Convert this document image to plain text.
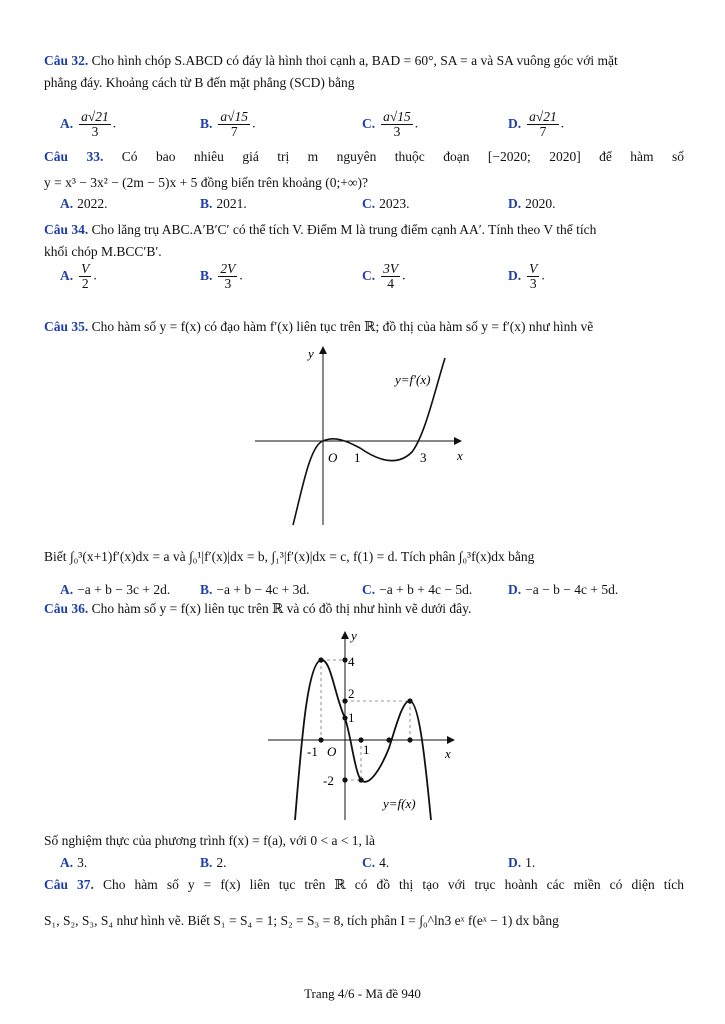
Câu 32. Cho hình chóp S.ABCD có đáy là hình thoi cạnh a, BAD = 60°, SA = a và SA vuông góc với mặt
phẳng đáy. Khoảng cách từ B đến mặt phẳng (SCD) bằng
A. $\frac{a√21}{3}$ .	B. $\frac{a√15}{7}$ .	C. $\frac{a√15}{3}$ .	D. $\frac{a√21}{7}$ .
Câu 33. Có bao nhiêu giá trị m nguyên thuộc đoạn [−2020; 2020] để hàm số
y = x³ − 3x² − (2m − 5)x + 5 đồng biến trên khoảng (0;+∞)?
A. 2022.	B. 2021.	C. 2023.	D. 2020.
Câu 34. Cho lăng trụ ABC.A′B′C′ có thể tích V. Điểm M là trung điểm cạnh AA′. Tính theo V thể tích
khối chóp M.BCC′B′.
A. $\frac{V}{2}$ .	B. $\frac{2V}{3}$ .	C. $\frac{3V}{4}$ .	D. $\frac{V}{3}$ .
Câu 35. Cho hàm số y = f(x) có đạo hàm f′(x) liên tục trên ℝ; đồ thị của hàm số y = f′(x) như hình vẽ
y
x
O 1	3
y=f′(x)
Biết ∫₀³(x+1)f′(x)dx = a và ∫₀¹|f′(x)|dx = b, ∫₁³|f′(x)|dx = c, f(1) = d. Tích phân ∫₀³f(x)dx bằng
A. −a + b − 3c + 2d. B. −a + b − 4c + 3d.	C. −a + b + 4c − 5d.	D. −a − b − 4c + 5d.
Câu 36. Cho hàm số y = f(x) liên tục trên ℝ và có đồ thị như hình vẽ dưới đây.
y
x
O
-1	1
4
2
1
-2
y=f(x)
Số nghiệm thực của phương trình f(x) = f(a), với 0 < a < 1, là
A. 3.	B. 2.	C. 4.	D. 1.
Câu 37. Cho hàm số y = f(x) liên tục trên ℝ có đồ thị tạo với trục hoành các miền có diện tích
S₁, S₂, S₃, S₄ như hình vẽ. Biết S₁ = S₄ = 1; S₂ = S₃ = 8, tích phân I = ∫₀^ln3 eˣ f(eˣ − 1) dx bằng
Trang 4/6 - Mã đề 940
